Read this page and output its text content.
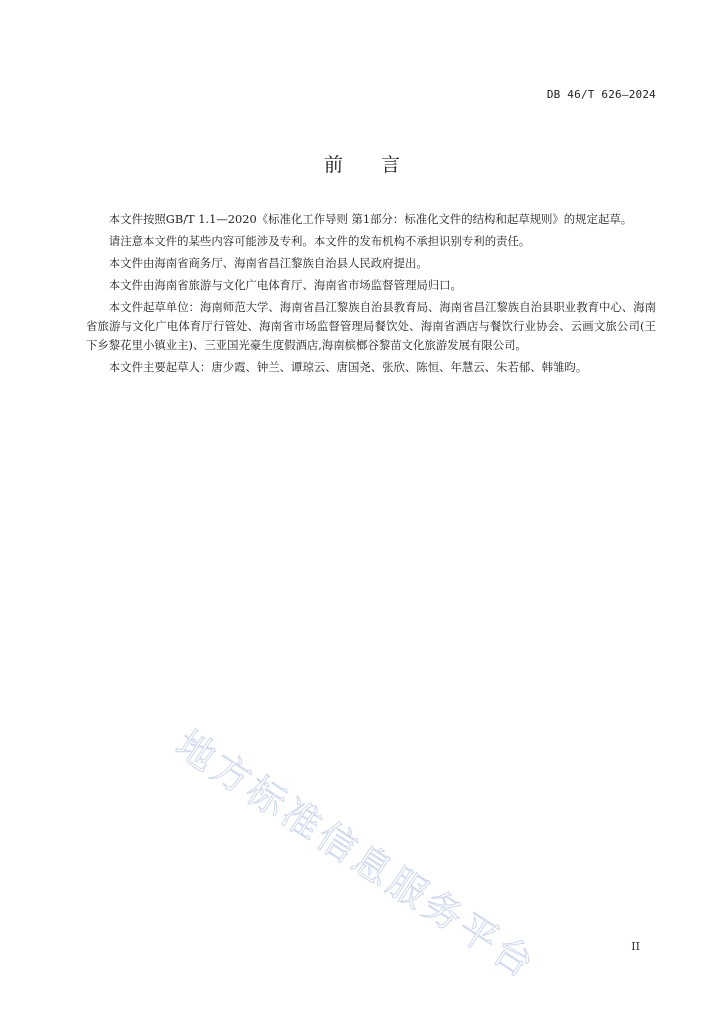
DB 46/T 626—2024
前言

本文件按照GB/T 1.1—2020《标准化工作导则 第1部分：标准化文件的结构和起草规则》的规定起草。

请注意本文件的某些内容可能涉及专利。本文件的发布机构不承担识别专利的责任。

本文件由海南省商务厅、海南省昌江黎族自治县人民政府提出。

本文件由海南省旅游与文化广电体育厅、海南省市场监督管理局归口。

本文件起草单位：海南师范大学、海南省昌江黎族自治县教育局、海南省昌江黎族自治县职业教育中心、海南省旅游与文化广电体育厅行管处、海南省市场监督管理局餐饮处、海南省酒店与餐饮行业协会、云画文旅公司(王下乡黎花里小镇业主)、三亚国光豪生度假酒店,海南槟榔谷黎苗文化旅游发展有限公司。

本文件主要起草人：唐少霞、钟兰、谭琼云、唐国尧、张欣、陈恒、年慧云、朱若郁、韩雏昀。

地方标准信息服务平台	II
